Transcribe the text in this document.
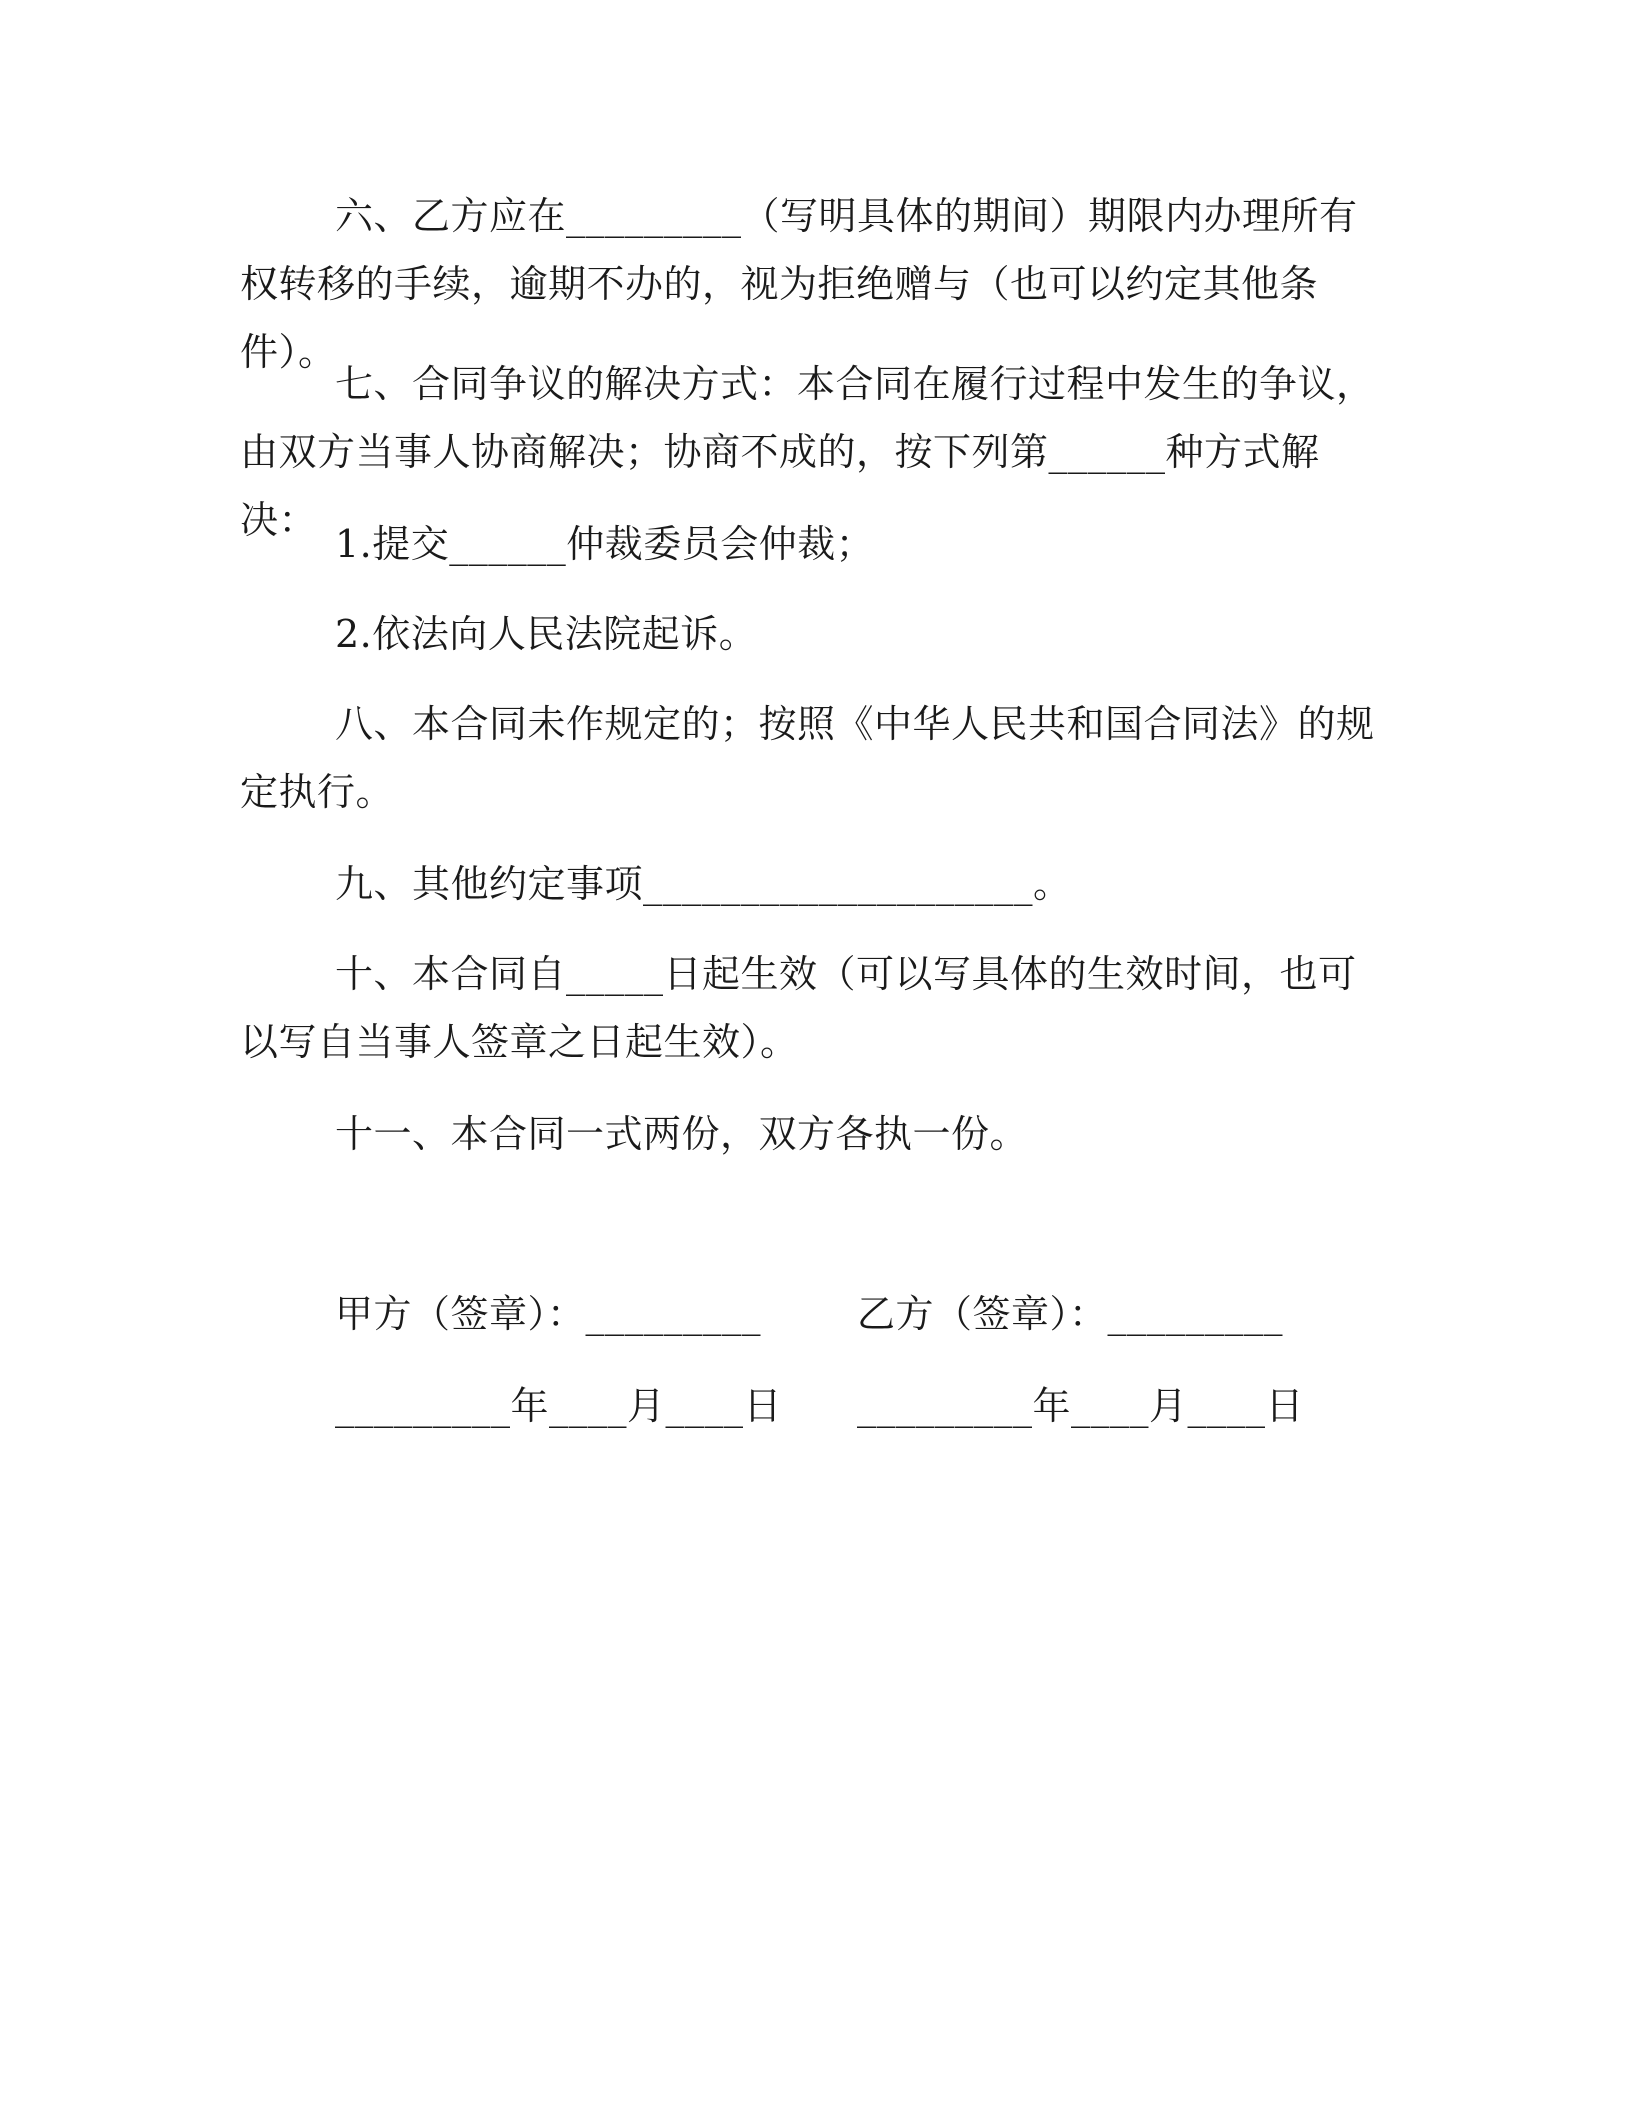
六、乙方应在_________（写明具体的期间）期限内办理所有权转移的手续，逾期不办的，视为拒绝赠与（也可以约定其他条件）。

七、合同争议的解决方式：本合同在履行过程中发生的争议，由双方当事人协商解决；协商不成的，按下列第______种方式解决：

1.提交______仲裁委员会仲裁；

2.依法向人民法院起诉。

八、本合同未作规定的；按照《中华人民共和国合同法》的规定执行。

九、其他约定事项____________________。

十、本合同自_____日起生效（可以写具体的生效时间，也可以写自当事人签章之日起生效）。

十一、本合同一式两份，双方各执一份。

甲方（签章）：_________	乙方（签章）：_________
_________年____月____日 _________年____月____日
